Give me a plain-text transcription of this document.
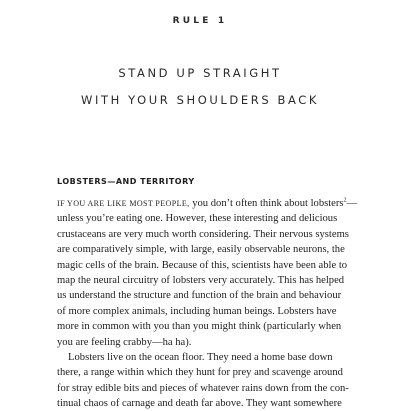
RULE 1
STAND UP STRAIGHT
WITH YOUR SHOULDERS BACK
LOBSTERS—AND TERRITORY
IF YOU ARE LIKE MOST PEOPLE, you don’t often think about lobsters$^2$—
unless you’re eating one. However, these interesting and delicious
crustaceans are very much worth considering. Their nervous systems
are comparatively simple, with large, easily observable neurons, the
magic cells of the brain. Because of this, scientists have been able to
map the neural circuitry of lobsters very accurately. This has helped
us understand the structure and function of the brain and behaviour
of more complex animals, including human beings. Lobsters have
more in common with you than you might think (particularly when
you are feeling crabby—ha ha).
Lobsters live on the ocean floor. They need a home base down
there, a range within which they hunt for prey and scavenge around
for stray edible bits and pieces of whatever rains down from the con-
tinual chaos of carnage and death far above. They want somewhere
